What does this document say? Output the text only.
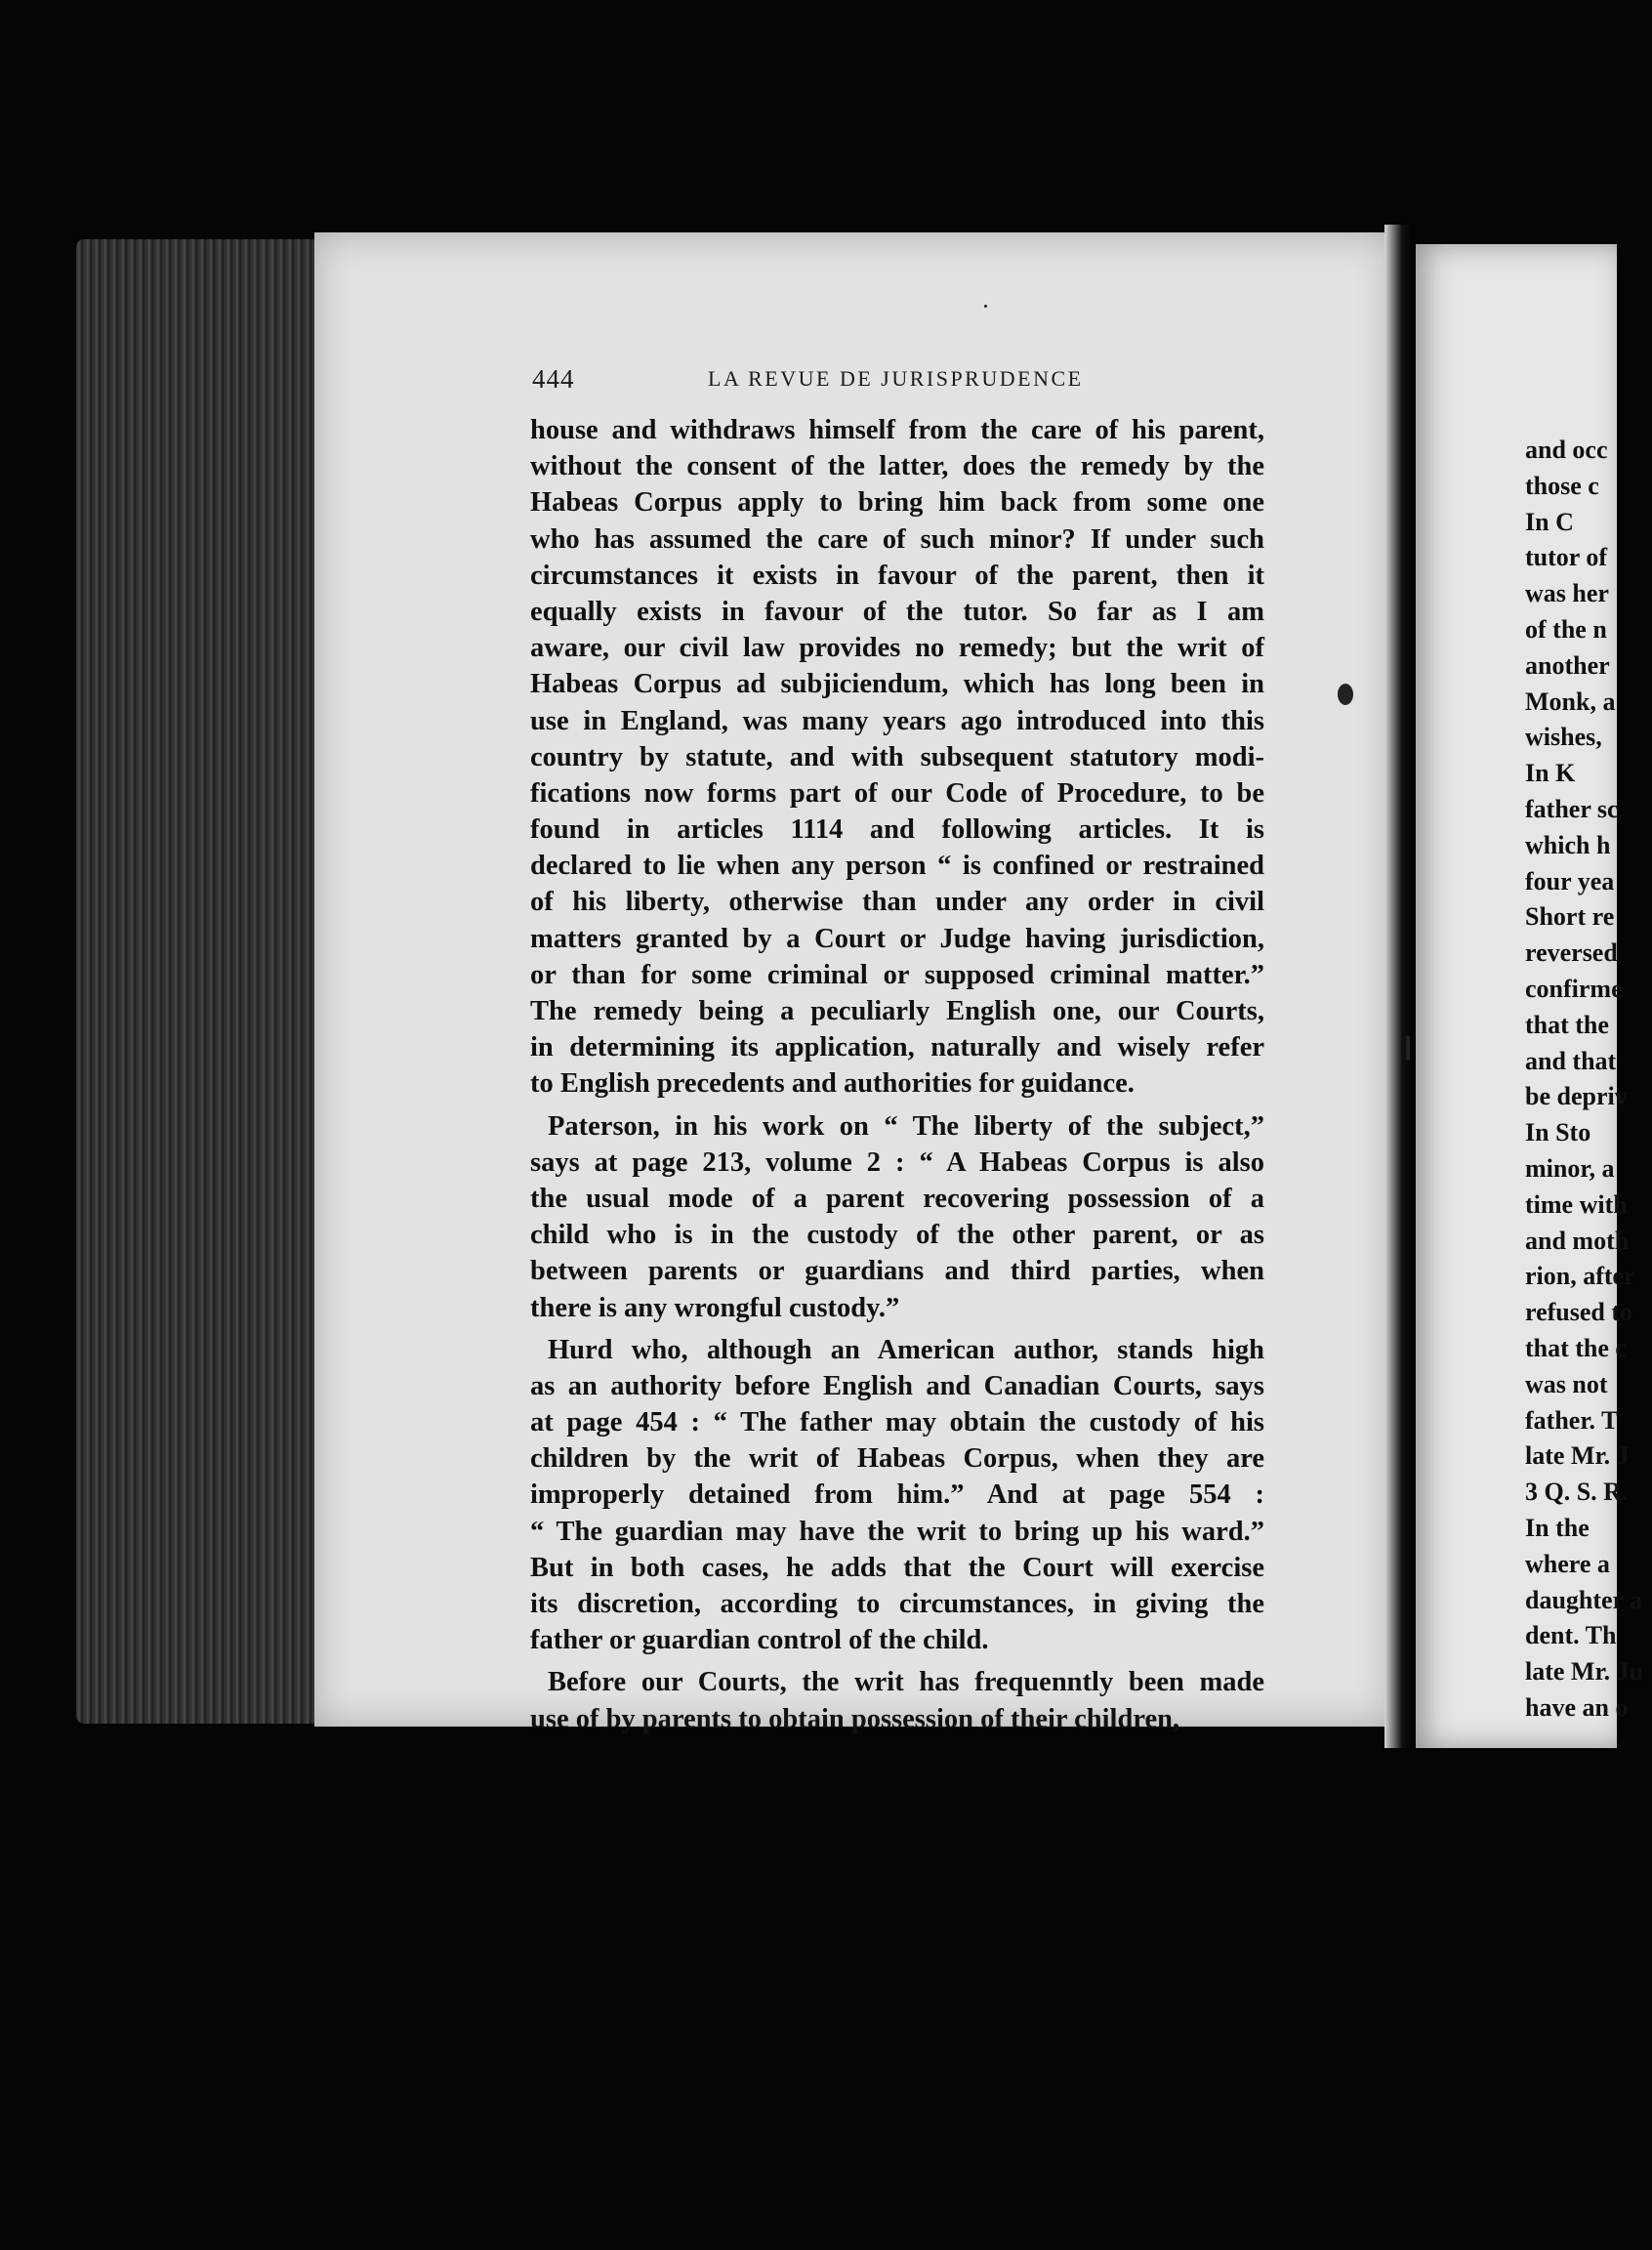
444	LA REVUE DE JURISPRUDENCE
house and withdraws himself from the care of his parent,
without the consent of the latter, does the remedy by the
Habeas Corpus apply to bring him back from some one
who has assumed the care of such minor? If under such
circumstances it exists in favour of the parent, then it
equally exists in favour of the tutor. So far as I am
aware, our civil law provides no remedy; but the writ of
Habeas Corpus ad subjiciendum, which has long been in
use in England, was many years ago introduced into this
country by statute, and with subsequent statutory modi-
fications now forms part of our Code of Procedure, to be
found in articles 1114 and following articles. It is
declared to lie when any person “ is confined or restrained
of his liberty, otherwise than under any order in civil
matters granted by a Court or Judge having jurisdiction,
or than for some criminal or supposed criminal matter.”
The remedy being a peculiarly English one, our Courts,
in determining its application, naturally and wisely refer
to English precedents and authorities for guidance.
Paterson, in his work on “ The liberty of the subject,”
says at page 213, volume 2 : “ A Habeas Corpus is also
the usual mode of a parent recovering possession of a
child who is in the custody of the other parent, or as
between parents or guardians and third parties, when
there is any wrongful custody.”
Hurd who, although an American author, stands high
as an authority before English and Canadian Courts, says
at page 454 : “ The father may obtain the custody of his
children by the writ of Habeas Corpus, when they are
improperly detained from him.” And at page 554 :
“ The guardian may have the writ to bring up his ward.”
But in both cases, he adds that the Court will exercise
its discretion, according to circumstances, in giving the
father or guardian control of the child.
Before our Courts, the writ has frequenntly been made
use of by parents to obtain possession of their children,
and occ
those c
In C
tutor of
was her
of the n
another
Monk, a
wishes,
In K
father sc
which h
four yea
Short re
reversed
confirme
that the
and that
be depriv
In Sto
minor, a
time with
and moth
rion, after
refused to
that the c
was not
father. T
late Mr. J
3 Q. S. R.
In the
where a
daughter a
dent. Th
late Mr. Ju
have an o
